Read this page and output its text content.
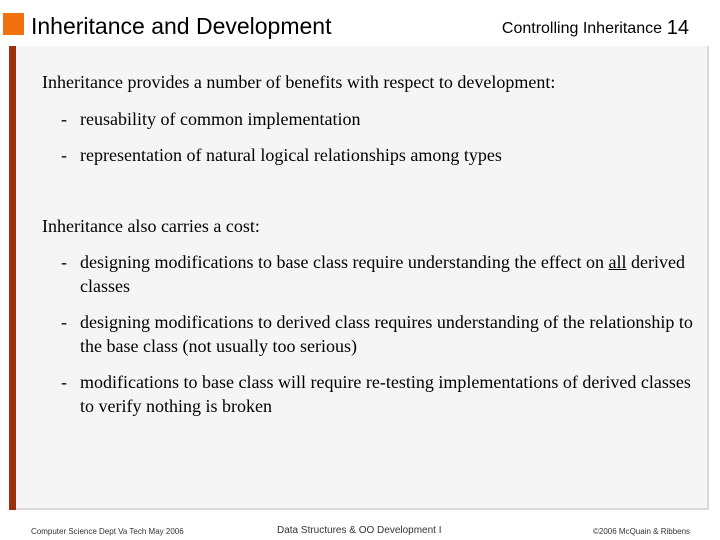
Inheritance and Development	Controlling Inheritance 14
Inheritance provides a number of benefits with respect to development:
- reusability of common implementation
- representation of natural logical relationships among types
Inheritance also carries a cost:
- designing modifications to base class require understanding the effect on all derived classes
- designing modifications to derived class requires understanding of the relationship to the base class (not usually too serious)
- modifications to base class will require re-testing implementations of derived classes to verify nothing is broken
Computer Science Dept Va Tech May 2006	Data Structures & OO Development I	©2006 McQuain & Ribbens
